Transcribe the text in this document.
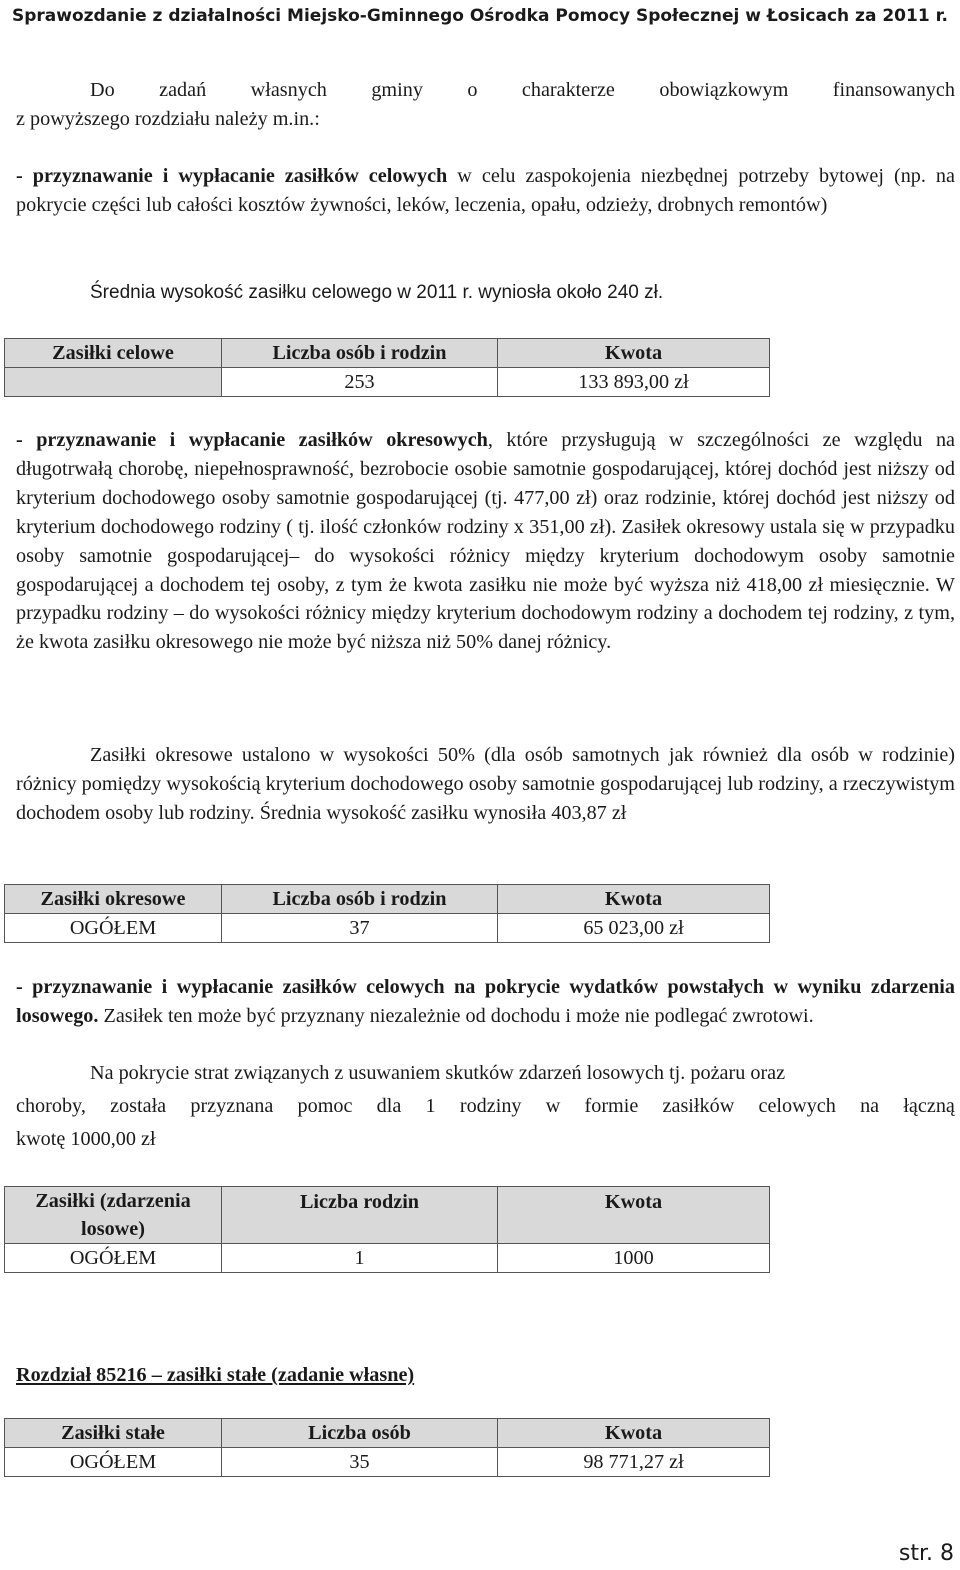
Sprawozdanie z działalności Miejsko-Gminnego Ośrodka Pomocy Społecznej w Łosicach za 2011 r.
Do zadań własnych gminy o charakterze obowiązkowym finansowanych

z powyższego rozdziału należy m.in.:

- przyznawanie i wypłacanie zasiłków celowych w celu zaspokojenia niezbędnej potrzeby bytowej (np. na pokrycie części lub całości kosztów żywności, leków, leczenia, opału, odzieży, drobnych remontów)

Średnia wysokość zasiłku celowego w 2011 r. wyniosła około 240 zł.

Zasiłki celowe	Liczba osób i rodzin	Kwota
	253	133 893,00 zł

- przyznawanie i wypłacanie zasiłków okresowych, które przysługują w szczególności ze względu na długotrwałą chorobę, niepełnosprawność, bezrobocie osobie samotnie gospodarującej, której dochód jest niższy od kryterium dochodowego osoby samotnie gospodarującej (tj. 477,00 zł) oraz rodzinie, której dochód jest niższy od kryterium dochodowego rodziny ( tj. ilość członków rodziny x 351,00 zł). Zasiłek okresowy ustala się w przypadku osoby samotnie gospodarującej– do wysokości różnicy między kryterium dochodowym osoby samotnie gospodarującej a dochodem tej osoby, z tym że kwota zasiłku nie może być wyższa niż 418,00 zł miesięcznie. W przypadku rodziny – do wysokości różnicy między kryterium dochodowym rodziny a dochodem tej rodziny, z tym, że kwota zasiłku okresowego nie może być niższa niż 50% danej różnicy.

Zasiłki okresowe ustalono w wysokości 50% (dla osób samotnych jak również dla osób w rodzinie) różnicy pomiędzy wysokością kryterium dochodowego osoby samotnie gospodarującej lub rodziny, a rzeczywistym dochodem osoby lub rodziny. Średnia wysokość zasiłku wynosiła 403,87 zł

Zasiłki okresowe	Liczba osób i rodzin	Kwota
OGÓŁEM	37	65 023,00 zł

- przyznawanie i wypłacanie zasiłków celowych na pokrycie wydatków powstałych w wyniku zdarzenia losowego. Zasiłek ten może być przyznany niezależnie od dochodu i może nie podlegać zwrotowi.

Na pokrycie strat związanych z usuwaniem skutków zdarzeń losowych tj. pożaru oraz

choroby, została przyznana pomoc dla 1 rodziny w formie zasiłków celowych na łączną

kwotę 1000,00 zł

Zasiłki (zdarzenia losowe)	Liczba rodzin	Kwota
OGÓŁEM	1	1000
Rozdział 85216 – zasiłki stałe (zadanie własne)
Zasiłki stałe	Liczba osób	Kwota
OGÓŁEM	35	98 771,27 zł
str. 8
